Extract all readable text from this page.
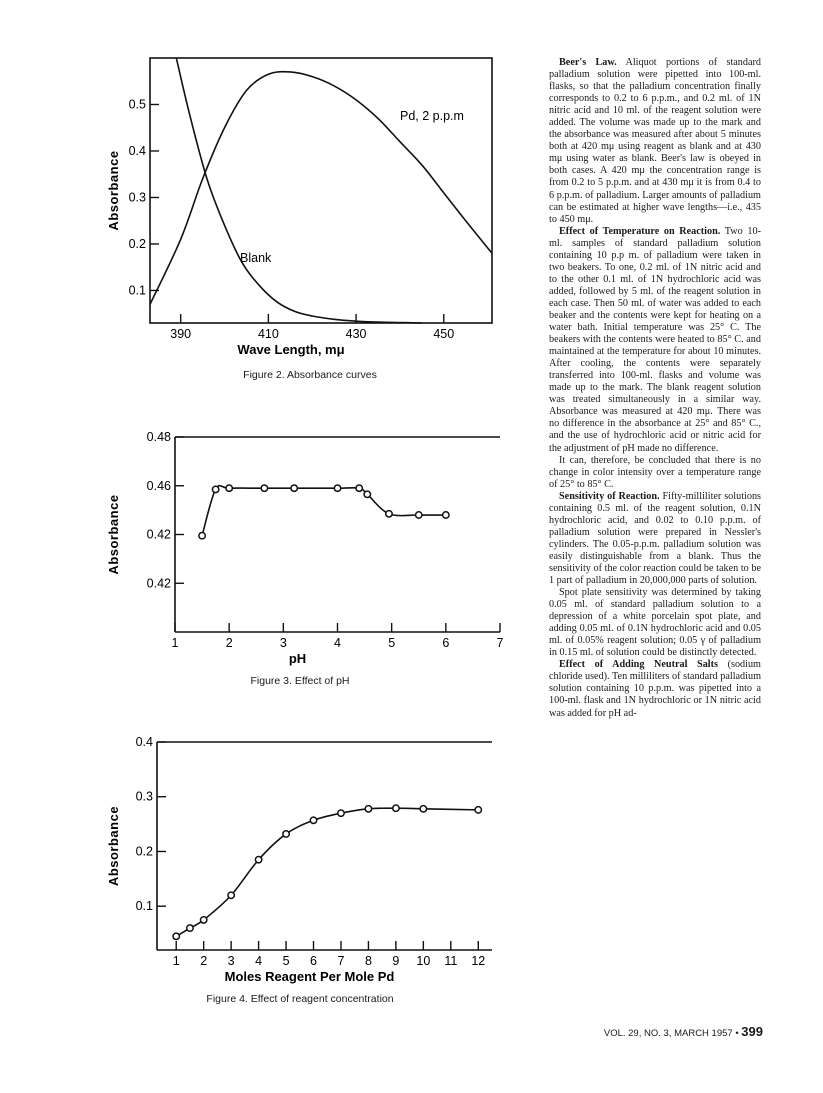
0.5
0.4
0.3
0.2
0.1
390	410	430	450
Wave Length, mμ
Absorbance
Pd, 2 p.p.m
Blank
Figure 2. Absorbance curves
0.48
0.46
0.42
0.42
1	2	3	4	5	6	7
pH
Absorbance
Figure 3. Effect of pH
0.4
0.3
0.2
0.1
1 2 3 4 5 6 7 8 9 10 11 12
Moles Reagent Per Mole Pd
Absorbance
Figure 4. Effect of reagent concentration

Beer's Law. Aliquot portions of standard palladium solution were pipetted into 100-ml. flasks, so that the palladium concentration finally corresponds to 0.2 to 6 p.p.m., and 0.2 ml. of 1N nitric acid and 10 ml. of the reagent solution were added. The volume was made up to the mark and the absorbance was measured after about 5 minutes both at 420 mμ using reagent as blank and at 430 mμ using water as blank. Beer's law is obeyed in both cases. A 420 mμ the concentration range is from 0.2 to 5 p.p.m. and at 430 mμ it is from 0.4 to 6 p.p.m. of palladium. Larger amounts of palladium can be estimated at higher wave lengths—i.e., 435 to 450 mμ.

Effect of Temperature on Reaction. Two 10-ml. samples of standard palladium solution containing 10 p.p m. of palladium were taken in two beakers. To one, 0.2 ml. of 1N nitric acid and to the other 0.1 ml. of 1N hydrochloric acid was added, followed by 5 ml. of the reagent solution in each case. Then 50 ml. of water was added to each beaker and the contents were kept for heating on a water bath. Initial temperature was 25° C. The beakers with the contents were heated to 85° C. and maintained at the temperature for about 10 minutes. After cooling, the contents were separately transferred into 100-ml. flasks and volume was made up to the mark. The blank reagent solution was treated simultaneously in a similar way. Absorbance was measured at 420 mμ. There was no difference in the absorbance at 25° and 85° C., and the use of hydrochloric acid or nitric acid for the adjustment of pH made no difference.

It can, therefore, be concluded that there is no change in color intensity over a temperature range of 25° to 85° C.

Sensitivity of Reaction. Fifty-milliliter solutions containing 0.5 ml. of the reagent solution, 0.1N hydrochloric acid, and 0.02 to 0.10 p.p.m. of palladium solution were prepared in Nessler's cylinders. The 0.05-p.p.m. palladium solution was easily distinguishable from a blank. Thus the sensitivity of the color reaction could be taken to be 1 part of palladium in 20,000,000 parts of solution.

Spot plate sensitivity was determined by taking 0.05 ml. of standard palladium solution to a depression of a white porcelain spot plate, and adding 0.05 ml. of 0.1N hydrochloric acid and 0.05 ml. of 0.05% reagent solution; 0.05 γ of palladium in 0.15 ml. of solution could be distinctly detected.

Effect of Adding Neutral Salts (sodium chloride used). Ten milliliters of standard palladium solution containing 10 p.p.m. was pipetted into a 100-ml. flask and 1N hydrochloric or 1N nitric acid was added for pH ad-

VOL. 29, NO. 3, MARCH 1957 • 399
